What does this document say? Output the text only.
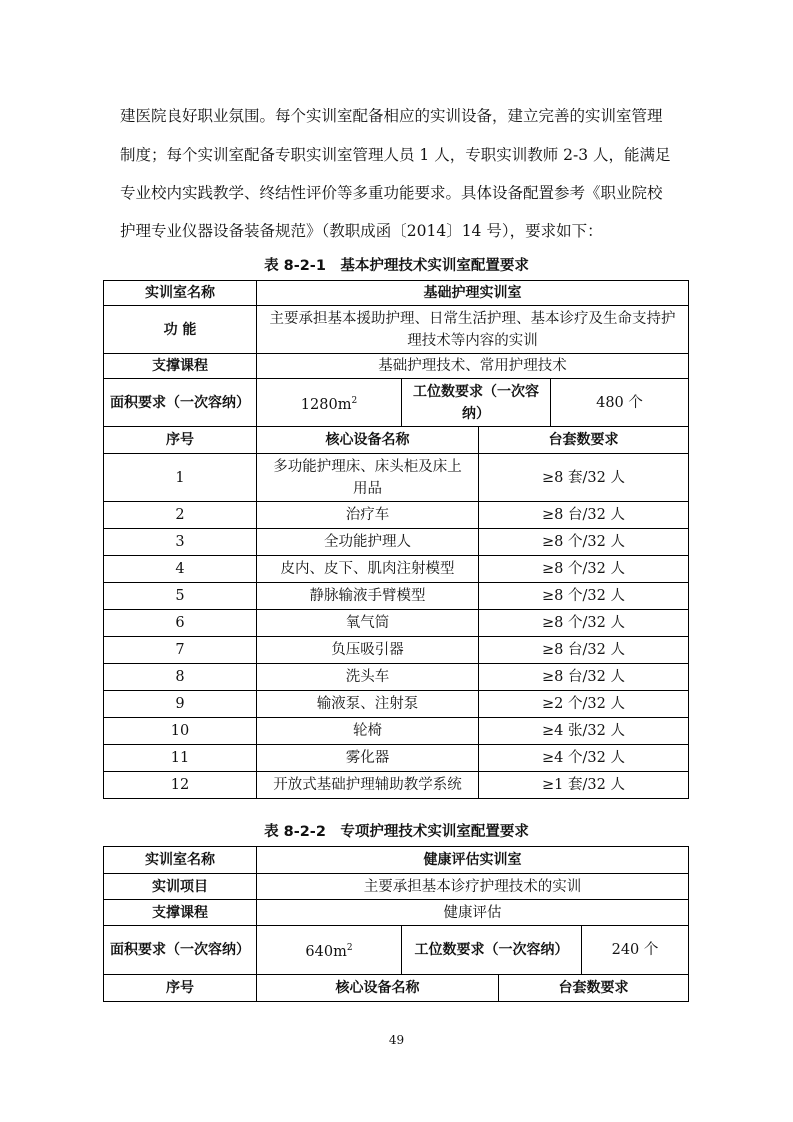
建医院良好职业氛围。每个实训室配备相应的实训设备，建立完善的实训室管理
制度；每个实训室配备专职实训室管理人员 1 人，专职实训教师 2-3 人，能满足
专业校内实践教学、终结性评价等多重功能要求。具体设备配置参考《职业院校
护理专业仪器设备装备规范》（教职成函〔2014〕14 号），要求如下：
表 8-2-1　基本护理技术实训室配置要求
实训室名称	基础护理实训室			
功 能	主要承担基本援助护理、日常生活护理、基本诊疗及生命支持护理技术等内容的实训			
支撑课程	基础护理技术、常用护理技术			
面积要求（一次容纳）	$1280m^2$	工位数要求（一次容纳）		480 个
序号	核心设备名称		台套数要求	
1	多功能护理床、床头柜及床上用品		≥8 套/32 人	
2	治疗车		≥8 台/32 人	
3	全功能护理人		≥8 个/32 人	
4	皮内、皮下、肌肉注射模型		≥8 个/32 人	
5	静脉输液手臂模型		≥8 个/32 人	
6	氧气筒		≥8 个/32 人	
7	负压吸引器		≥8 台/32 人	
8	洗头车		≥8 台/32 人	
9	输液泵、注射泵		≥2 个/32 人	
10	轮椅		≥4 张/32 人	
11	雾化器		≥4 个/32 人	
12	开放式基础护理辅助教学系统		≥1 套/32 人	
表 8-2-2　专项护理技术实训室配置要求
实训室名称	健康评估实训室			
实训项目	主要承担基本诊疗护理技术的实训			
支撑课程	健康评估			
面积要求（一次容纳）	$640m^2$	工位数要求（一次容纳）		240 个
序号	核心设备名称		台套数要求	
49
